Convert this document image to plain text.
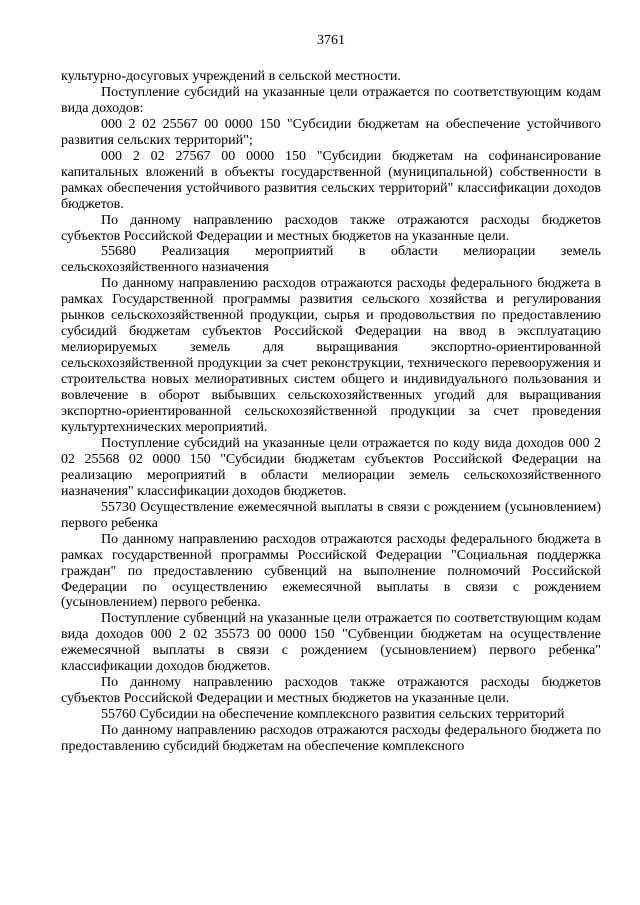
3761

культурно-досуговых учреждений в сельской местности.

Поступление субсидий на указанные цели отражается по соответствующим кодам вида доходов:

000 2 02 25567 00 0000 150 "Субсидии бюджетам на обеспечение устойчивого развития сельских территорий";

000 2 02 27567 00 0000 150 "Субсидии бюджетам на софинансирование капитальных вложений в объекты государственной (муниципальной) собственности в рамках обеспечения устойчивого развития сельских территорий" классификации доходов бюджетов.

По данному направлению расходов также отражаются расходы бюджетов субъектов Российской Федерации и местных бюджетов на указанные цели.

55680 Реализация мероприятий в области мелиорации земель сельскохозяйственного назначения

По данному направлению расходов отражаются расходы федерального бюджета в рамках Государственной программы развития сельского хозяйства и регулирования рынков сельскохозяйственной продукции, сырья и продовольствия по предоставлению субсидий бюджетам субъектов Российской Федерации на ввод в эксплуатацию мелиорируемых земель для выращивания экспортно-ориентированной сельскохозяйственной продукции за счет реконструкции, технического перевооружения и строительства новых мелиоративных систем общего и индивидуального пользования и вовлечение в оборот выбывших сельскохозяйственных угодий для выращивания экспортно-ориентированной сельскохозяйственной продукции за счет проведения культуртехнических мероприятий.

Поступление субсидий на указанные цели отражается по коду вида доходов 000 2 02 25568 02 0000 150 "Субсидии бюджетам субъектов Российской Федерации на реализацию мероприятий в области мелиорации земель сельскохозяйственного назначения" классификации доходов бюджетов.

55730 Осуществление ежемесячной выплаты в связи с рождением (усыновлением) первого ребенка

По данному направлению расходов отражаются расходы федерального бюджета в рамках государственной программы Российской Федерации "Социальная поддержка граждан" по предоставлению субвенций на выполнение полномочий Российской Федерации по осуществлению ежемесячной выплаты в связи с рождением (усыновлением) первого ребенка.

Поступление субвенций на указанные цели отражается по соответствующим кодам вида доходов 000 2 02 35573 00 0000 150 "Субвенции бюджетам на осуществление ежемесячной выплаты в связи с рождением (усыновлением) первого ребенка" классификации доходов бюджетов.

По данному направлению расходов также отражаются расходы бюджетов субъектов Российской Федерации и местных бюджетов на указанные цели.

55760 Субсидии на обеспечение комплексного развития сельских территорий

По данному направлению расходов отражаются расходы федерального бюджета по предоставлению субсидий бюджетам на обеспечение комплексного
